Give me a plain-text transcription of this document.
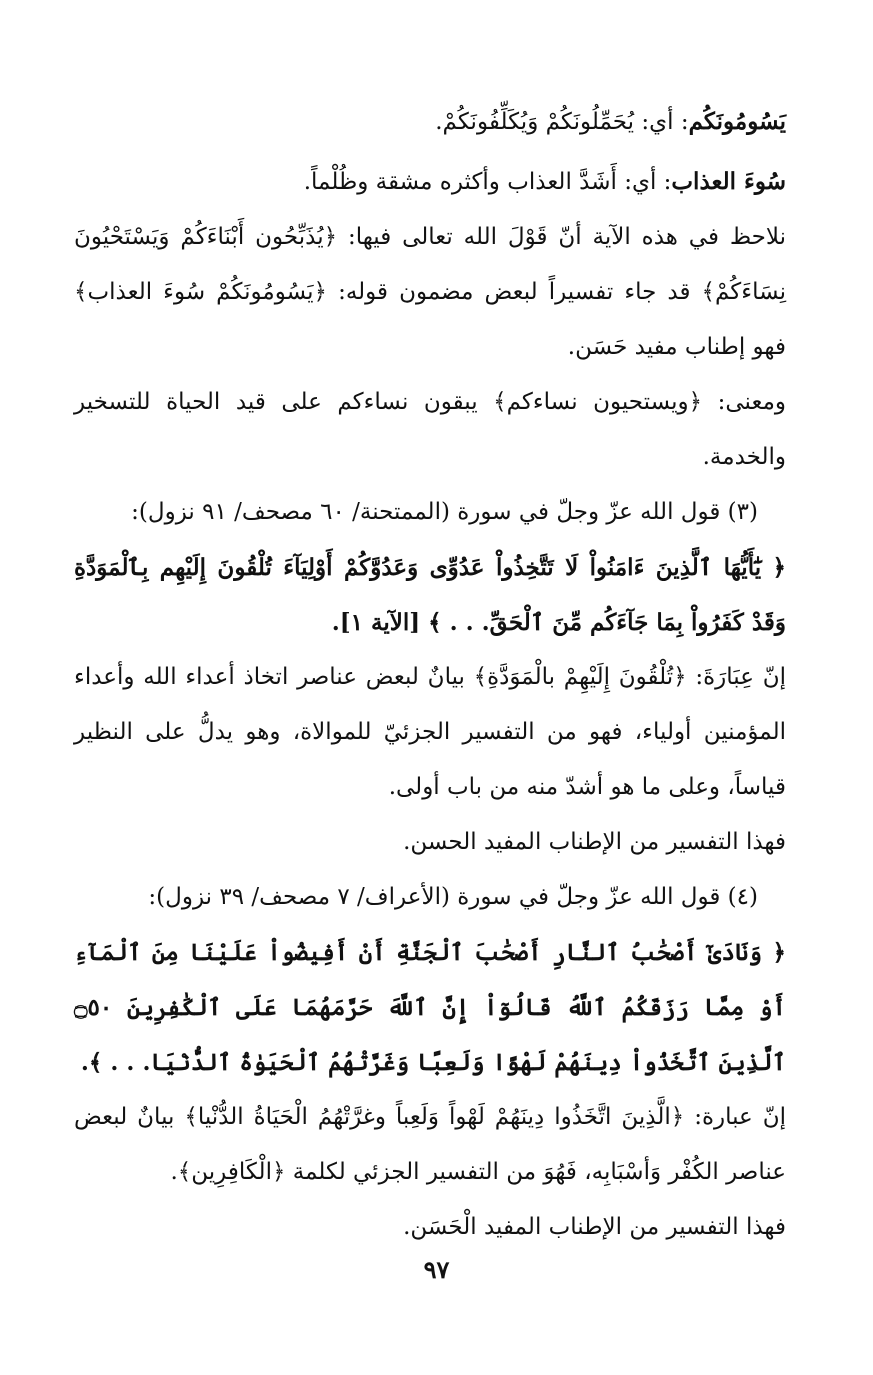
يَسُومُونَكُم: أي: يُحَمِّلُونَكُمْ وَيُكَلِّفُونَكُمْ.

سُوءَ العذاب: أي: أَشَدَّ العذاب وأكثره مشقة وظُلْماً.

نلاحظ في هذه الآية أنّ قَوْلَ الله تعالى فيها: ﴿يُذَبِّحُون أَبْنَاءَكُمْ وَيَسْتَحْيُونَ نِسَاءَكُمْ﴾ قد جاء تفسيراً لبعض مضمون قوله: ﴿يَسُومُونَكُمْ سُوءَ العذاب﴾ فهو إطناب مفيد حَسَن.

ومعنى: ﴿ويستحيون نساءكم﴾ يبقون نساءكم على قيد الحياة للتسخير والخدمة.

(٣) قول الله عزّ وجلّ في سورة (الممتحنة/ ٦٠ مصحف/ ٩١ نزول):

﴿ يَٰٓأَيُّهَا ٱلَّذِينَ ءَامَنُواْ لَا تَتَّخِذُواْ عَدُوِّى وَعَدُوَّكُمْ أَوْلِيَآءَ تُلْقُونَ إِلَيْهِم بِٱلْمَوَدَّةِ وَقَدْ كَفَرُواْ بِمَا جَآءَكُم مِّنَ ٱلْحَقِّ. . . ﴾ [الآية ١].

إنّ عِبَارَةَ: ﴿تُلْقُونَ إِلَيْهِمْ بالْمَوَدَّةِ﴾ بيانٌ لبعض عناصر اتخاذ أعداء الله وأعداء المؤمنين أولياء، فهو من التفسير الجزئيّ للموالاة، وهو يدلُّ على النظير قياساً، وعلى ما هو أشدّ منه من باب أولى.

فهذا التفسير من الإطناب المفيد الحسن.

(٤) قول الله عزّ وجلّ في سورة (الأعراف/ ٧ مصحف/ ٣٩ نزول):

﴿ وَنَادَىٰٓ أَصْحَٰبُ ٱلنَّارِ أَصْحَٰبَ ٱلْجَنَّةِ أَنْ أَفِيضُواْ عَلَيْنَا مِنَ ٱلْمَآءِ أَوْ مِمَّا رَزَقَكُمُ ٱللَّهُ قَالُوٓاْ إِنَّ ٱللَّهَ حَرَّمَهُمَا عَلَى ٱلْكَٰفِرِينَ ۝٥٠ ٱلَّذِينَ ٱتَّخَذُواْ دِينَهُمْ لَهْوًا وَلَعِبًا وَغَرَّتْهُمُ ٱلْحَيَوٰةُ ٱلدُّنْيَا. . . ﴾.

إنّ عبارة: ﴿الَّذِينَ اتَّخَذُوا دِينَهُمْ لَهْواً وَلَعِباً وغرَّتْهُمُ الْحَيَاةُ الدُّنْيا﴾ بيانٌ لبعض عناصر الكُفْر وَأسْبَابِه، فَهُوَ من التفسير الجزئي لكلمة ﴿الْكَافِرِين﴾.

فهذا التفسير من الإطناب المفيد الْحَسَن.

٩٧
